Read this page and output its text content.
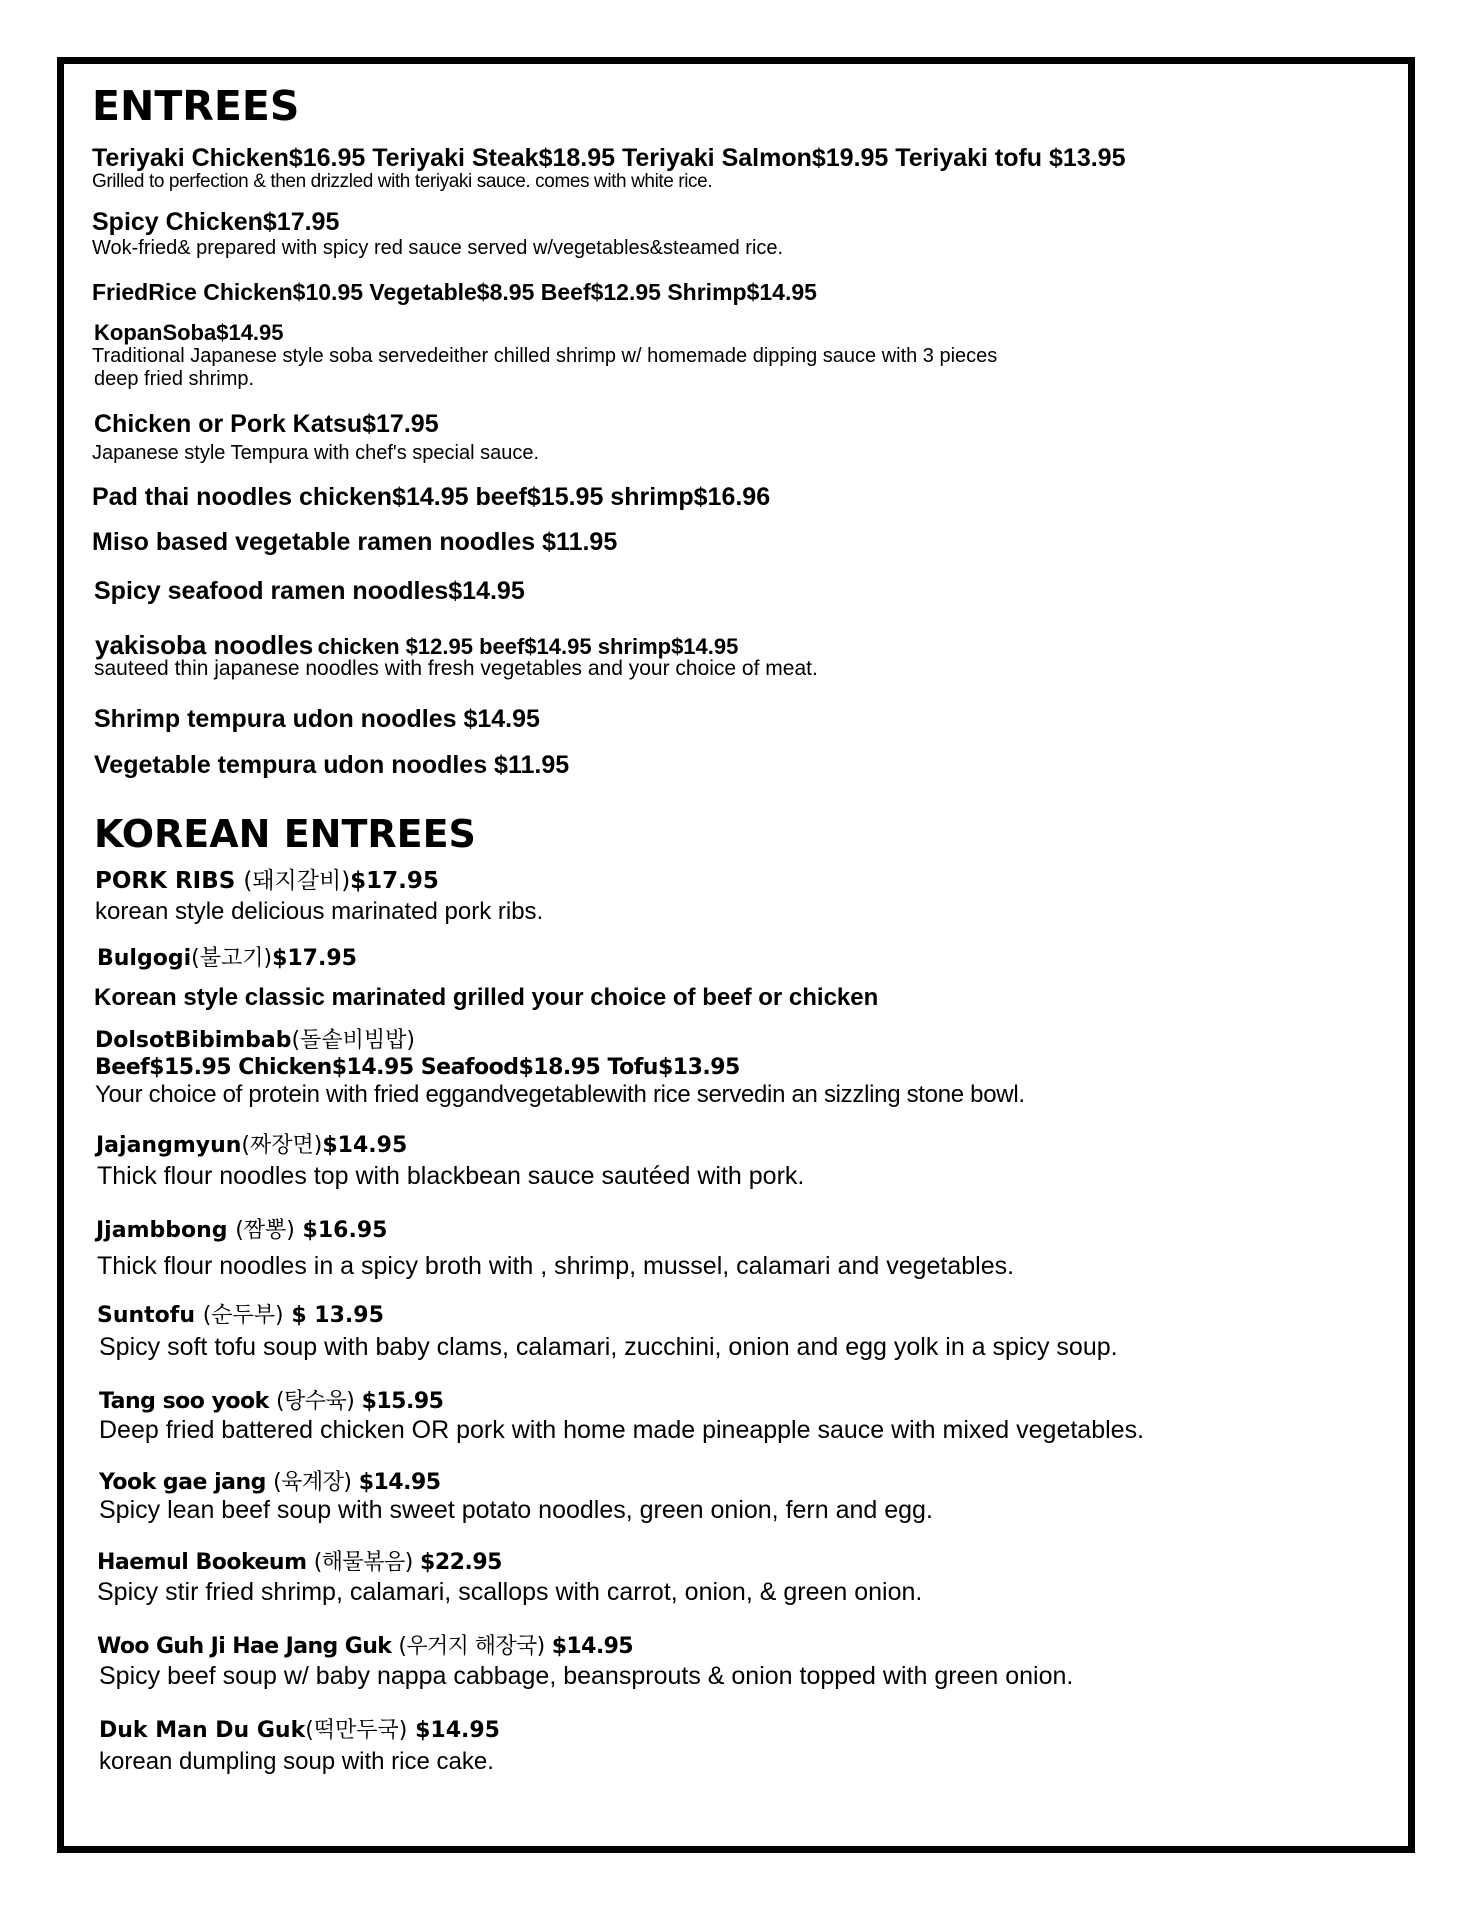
ENTREES
Teriyaki Chicken$16.95 Teriyaki Steak$18.95 Teriyaki Salmon$19.95 Teriyaki tofu $13.95
Grilled to perfection & then drizzled with teriyaki sauce. comes with white rice.
Spicy Chicken$17.95
Wok-fried& prepared with spicy red sauce served w/vegetables&steamed rice.
FriedRice Chicken$10.95 Vegetable$8.95 Beef$12.95 Shrimp$14.95
KopanSoba$14.95
Traditional Japanese style soba servedeither chilled shrimp w/ homemade dipping sauce with 3 pieces
deep fried shrimp.
Chicken or Pork Katsu$17.95
Japanese style Tempura with chef's special sauce.
Pad thai noodles chicken$14.95 beef$15.95 shrimp$16.96
Miso based vegetable ramen noodles $11.95
Spicy seafood ramen noodles$14.95
yakisoba noodles chicken $12.95 beef$14.95 shrimp$14.95
sauteed thin japanese noodles with fresh vegetables and your choice of meat.
Shrimp tempura udon noodles $14.95
Vegetable tempura udon noodles $11.95
KOREAN ENTREES
PORK RIBS (돼지갈비)$17.95
korean style delicious marinated pork ribs.
Bulgogi(불고기)$17.95
Korean style classic marinated grilled your choice of beef or chicken
DolsotBibimbab(돌솥비빔밥)
Beef$15.95 Chicken$14.95 Seafood$18.95 Tofu$13.95
Your choice of protein with fried eggandvegetablewith rice servedin an sizzling stone bowl.
Jajangmyun(짜장면)$14.95
Thick flour noodles top with blackbean sauce sautéed with pork.
Jjambbong (짬뽕) $16.95
Thick flour noodles in a spicy broth with , shrimp, mussel, calamari and vegetables.
Suntofu (순두부) $ 13.95
Spicy soft tofu soup with baby clams, calamari, zucchini, onion and egg yolk in a spicy soup.
Tang soo yook (탕수육) $15.95
Deep fried battered chicken OR pork with home made pineapple sauce with mixed vegetables.
Yook gae jang (육계장) $14.95
Spicy lean beef soup with sweet potato noodles, green onion, fern and egg.
Haemul Bookeum (해물볶음) $22.95
Spicy stir fried shrimp, calamari, scallops with carrot, onion, & green onion.
Woo Guh Ji Hae Jang Guk (우거지 해장국) $14.95
Spicy beef soup w/ baby nappa cabbage, beansprouts & onion topped with green onion.
Duk Man Du Guk(떡만두국) $14.95
korean dumpling soup with rice cake.
